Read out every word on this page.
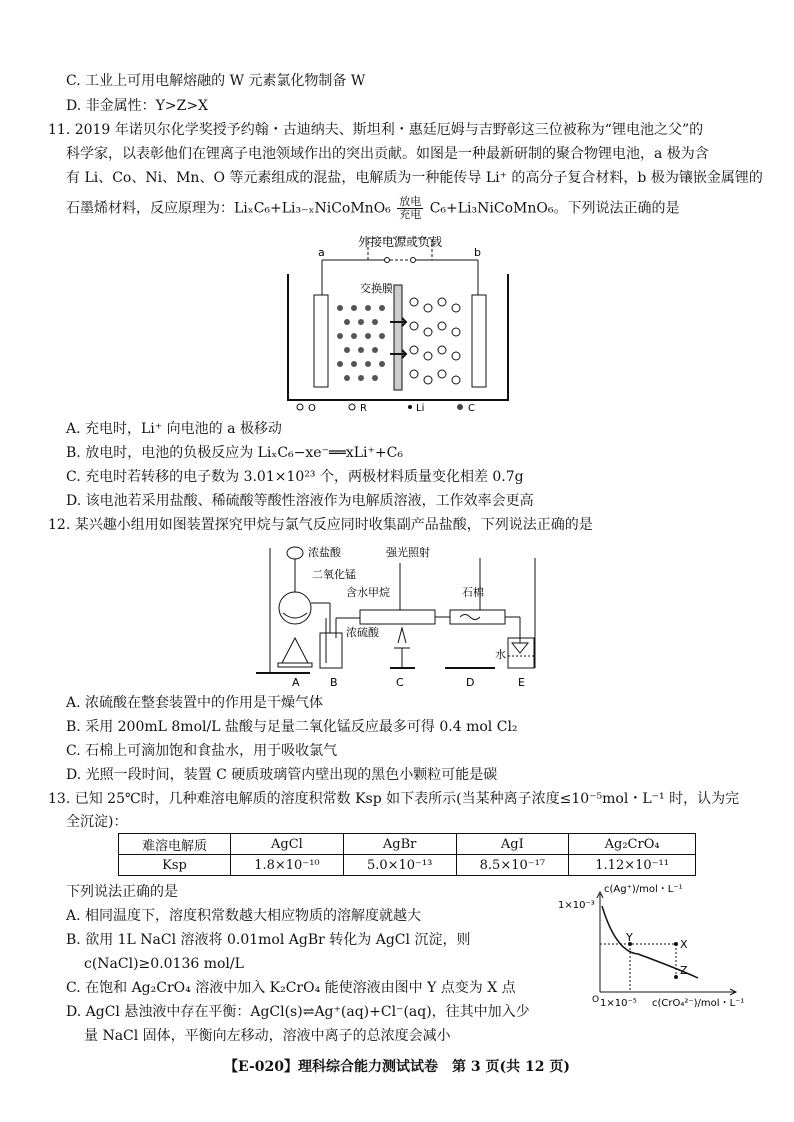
C. 工业上可用电解熔融的 W 元素氯化物制备 W
D. 非金属性：Y>Z>X
11. 2019 年诺贝尔化学奖授予约翰・古迪纳夫、斯坦利・惠廷厄姆与吉野彰这三位被称为“锂电池之父”的
科学家，以表彰他们在锂离子电池领域作出的突出贡献。如图是一种最新研制的聚合物锂电池，a 极为含
有 Li、Co、Ni、Mn、O 等元素组成的混盐，电解质为一种能传导 Li⁺ 的高分子复合材料，b 极为镶嵌金属锂的
石墨烯材料，反应原理为：LiₓC₆+Li₃₋ₓNiCoMnO₆ $\frac{\text{放电}}{\text{充电}}$ C₆+Li₃NiCoMnO₆。下列说法正确的是
外接电源或负载
a	b
交换膜
O	R	Li	C
A. 充电时，Li⁺ 向电池的 a 极移动
B. 放电时，电池的负极反应为 LiₓC₆−xe⁻══xLi⁺+C₆
C. 充电时若转移的电子数为 3.01×10²³ 个，两极材料质量变化相差 0.7g
D. 该电池若采用盐酸、稀硫酸等酸性溶液作为电解质溶液，工作效率会更高
12. 某兴趣小组用如图装置探究甲烷与氯气反应同时收集副产品盐酸，下列说法正确的是
浓盐酸
二氧化锰
浓硫酸
含水甲烷
强光照射
石棉
水
A	B	C	D	E
A. 浓硫酸在整套装置中的作用是干燥气体
B. 采用 200mL 8mol/L 盐酸与足量二氧化锰反应最多可得 0.4 mol Cl₂
C. 石棉上可滴加饱和食盐水，用于吸收氯气
D. 光照一段时间，装置 C 硬质玻璃管内壁出现的黑色小颗粒可能是碳
13. 已知 25℃时，几种难溶电解质的溶度积常数 Ksp 如下表所示(当某种离子浓度≤10⁻⁵mol・L⁻¹ 时，认为完
全沉淀)：
难溶电解质	AgCl	AgBr	AgI	Ag₂CrO₄
Ksp	1.8×10⁻¹⁰	5.0×10⁻¹³	8.5×10⁻¹⁷	1.12×10⁻¹¹
下列说法正确的是
A. 相同温度下，溶度积常数越大相应物质的溶解度就越大
B. 欲用 1L NaCl 溶液将 0.01mol AgBr 转化为 AgCl 沉淀，则
c(NaCl)≥0.0136 mol/L
C. 在饱和 Ag₂CrO₄ 溶液中加入 K₂CrO₄ 能使溶液由图中 Y 点变为 X 点
D. AgCl 悬浊液中存在平衡：AgCl(s)⇌Ag⁺(aq)+Cl⁻(aq)，往其中加入少
量 NaCl 固体，平衡向左移动，溶液中离子的总浓度会减小
c(Ag⁺)/mol・L⁻¹
c(CrO₄²⁻)/mol・L⁻¹
1×10⁻³
1×10⁻⁵
O
Y
X
Z
【E-020】理科综合能力测试试卷　第 3 页(共 12 页)
